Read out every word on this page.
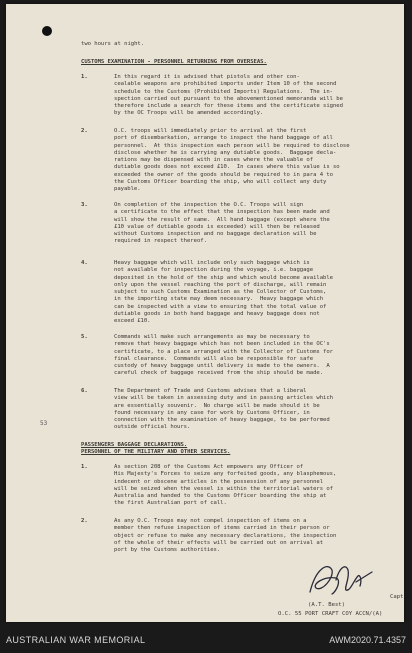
two hours at night.
CUSTOMS EXAMINATION - PERSONNEL RETURNING FROM OVERSEAS.
1.	In this regard it is advised that pistols and other con-
cealable weapons are prohibited imports under Item 10 of the second
schedule to the Customs (Prohibited Imports) Regulations.  The in-
spection carried out pursuant to the abovementioned memoranda will be
therefore include a search for these items and the certificate signed
by the OC Troops will be amended accordingly.
2.	O.C. troops will immediately prior to arrival at the first
port of disembarkation, arrange to inspect the hand baggage of all
personnel.  At this inspection each person will be required to disclose
disclose whether he is carrying any dutiable goods.  Baggage decla-
rations may be dispensed with in cases where the valuable of
dutiable goods does not exceed £10.  In cases where this value is so
exceeded the owner of the goods should be required to in para 4 to
the Customs Officer boarding the ship, who will collect any duty
payable.
3.	On completion of the inspection the O.C. Troops will sign
a certificate to the effect that the inspection has been made and
will show the result of same.  All hand baggage (except where the
£10 value of dutiable goods is exceeded) will then be released
without Customs inspection and no baggage declaration will be
required in respect thereof.
4.	Heavy baggage which will include only such baggage which is
not available for inspection during the voyage, i.e. baggage
deposited in the hold of the ship and which would become available
only upon the vessel reaching the port of discharge, will remain
subject to such Customs Examination as the Collector of Customs,
in the importing state may deem necessary.  Heavy baggage which
can be inspected with a view to ensuring that the total value of
dutiable goods in both hand baggage and heavy baggage does not
exceed £10.
5.	Commands will make such arrangements as may be necessary to
remove that heavy baggage which has not been included in the OC's
certificate, to a place arranged with the Collector of Customs for
final clearance.  Commands will also be responsible for safe
custody of heavy baggage until delivery is made to the owners.  A
careful check of baggage received from the ship should be made.
6.	The Department of Trade and Customs advises that a liberal
view will be taken in assessing duty and in passing articles which
are essentially souvenir.  No charge will be made should it be
found necessary in any case for work by Customs Officer, in
connection with the examination of heavy baggage, to be performed
outside official hours.
53
PASSENGERS BAGGAGE DECLARATIONS.
PERSONNEL OF THE MILITARY AND OTHER SERVICES.
1.	As section 208 of the Customs Act empowers any Officer of
His Majesty's Forces to seize any forfeited goods, any blasphemous,
indecent or obscene articles in the possession of any personnel
will be seized when the vessel is within the territorial waters of
Australia and handed to the Customs Officer boarding the ship at
the first Australian port of call.
2.	As any O.C. Troops may not compel inspection of items on a
member then refuse inspection of items carried in their person or
object or refuse to make any necessary declarations, the inspection
of the whole of their effects will be carried out on arrival at
port by the Customs authorities.
Capt
(A.T. Best)
O.C. 55 PORT CRAFT COY ACCN/(A)
AUSTRALIAN WAR MEMORIAL	AWM2020.71.4357
